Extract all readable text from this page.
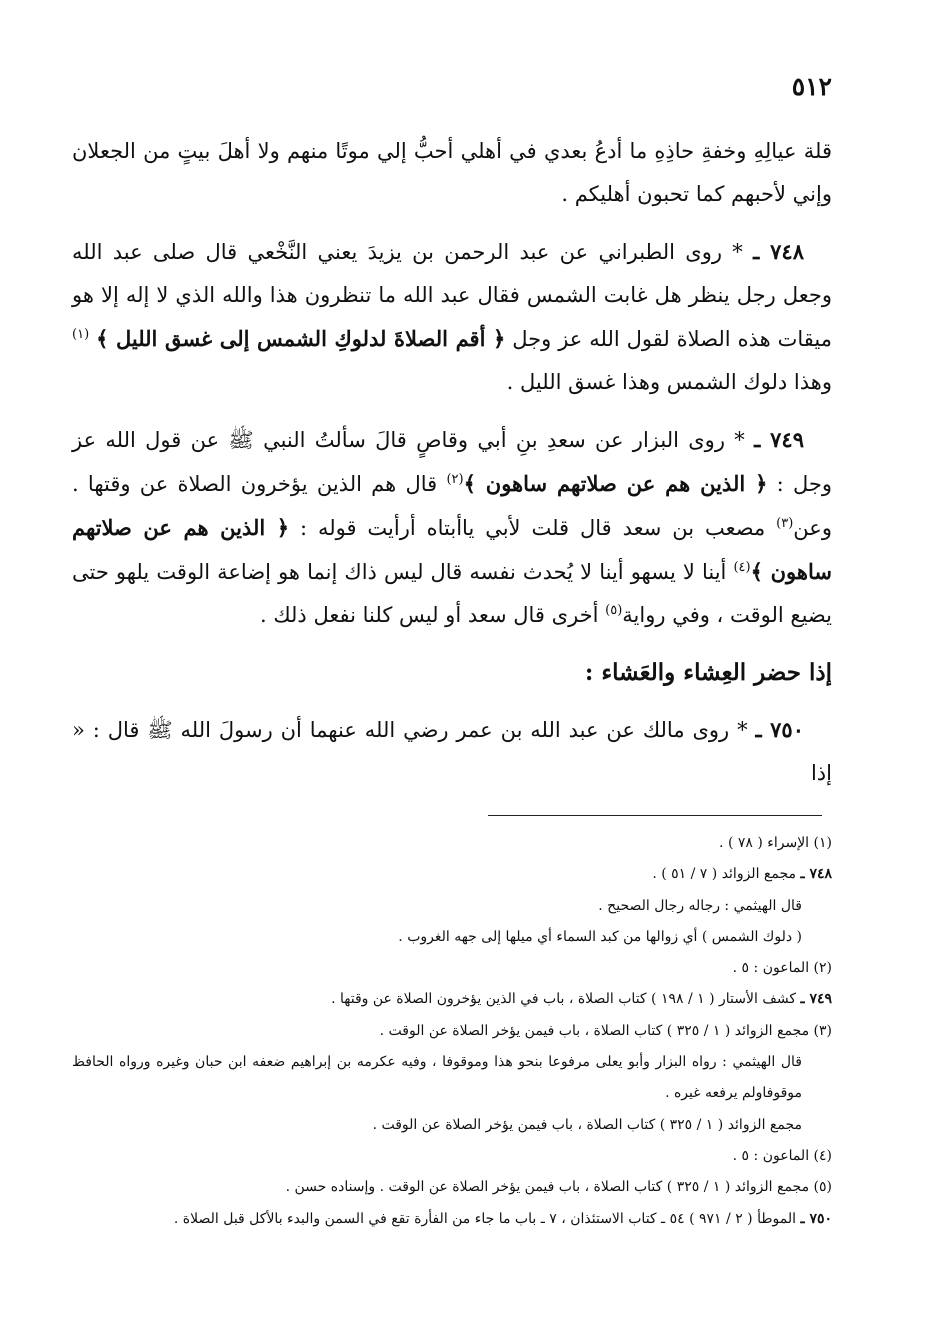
٥١٢

قلة عيالِهِ وخفةِ حاذِهِ ما أدعُ بعدي في أهلي أحبُّ إلي موتًا منهم ولا أهلَ بيتٍ من الجعلان وإني لأحبهم كما تحبون أهليكم .

٧٤٨ ـ * روى الطبراني عن عبد الرحمن بن يزيدَ يعني النَّخْعي قال صلى عبد الله وجعل رجل ينظر هل غابت الشمس فقال عبد الله ما تنظرون هذا والله الذي لا إله إلا هو ميقات هذه الصلاة لقول الله عز وجل ﴿ أقم الصلاةَ لدلوكِ الشمس إلى غسق الليل ﴾ $^{(١)}$ وهذا دلوك الشمس وهذا غسق الليل .

٧٤٩ ـ * روى البزار عن سعدِ بنِ أبي وقاصٍ قالَ سألتُ النبي ﷺ عن قول الله عز وجل : ﴿ الذين هم عن صلاتهم ساهون ﴾$^{(٢)}$ قال هم الذين يؤخرون الصلاة عن وقتها . وعن$^{(٣)}$ مصعب بن سعد قال قلت لأبي ياأبتاه أرأيت قوله : ﴿ الذين هم عن صلاتهم ساهون ﴾$^{(٤)}$ أينا لا يسهو أينا لا يُحدث نفسه قال ليس ذاك إنما هو إضاعة الوقت يلهو حتى يضيع الوقت ، وفي رواية$^{(٥)}$ أخرى قال سعد أو ليس كلنا نفعل ذلك .

إذا حضر العِشاء والعَشاء :

٧٥٠ ـ * روى مالك عن عبد الله بن عمر رضي الله عنهما أن رسولَ الله ﷺ قال : « إذا

(١) الإسراء ( ٧٨ ) .

٧٤٨ ـ مجمع الزوائد ( ٧ / ٥١ ) .

قال الهيثمي : رجاله رجال الصحيح .

( دلوك الشمس ) أي زوالها من كبد السماء أي ميلها إلى جهه الغروب .

(٢) الماعون : ٥ .

٧٤٩ ـ كشف الأستار ( ١ / ١٩٨ ) كتاب الصلاة ، باب في الذين يؤخرون الصلاة عن وقتها .

(٣) مجمع الزوائد ( ١ / ٣٢٥ ) كتاب الصلاة ، باب فيمن يؤخر الصلاة عن الوقت .

قال الهيثمي : رواه البزار وأبو يعلى مرفوعا بنحو هذا وموقوفا ، وفيه عكرمه بن إبراهيم ضعفه ابن حبان وغيره ورواه الحافظ موقوفاولم يرفعه غيره .

مجمع الزوائد ( ١ / ٣٢٥ ) كتاب الصلاة ، باب فيمن يؤخر الصلاة عن الوقت .

(٤) الماعون : ٥ .

(٥) مجمع الزوائد ( ١ / ٣٢٥ ) كتاب الصلاة ، باب فيمن يؤخر الصلاة عن الوقت . وإسناده حسن .

٧٥٠ ـ الموطأ ( ٢ / ٩٧١ ) ٥٤ ـ كتاب الاستئذان ، ٧ ـ باب ما جاء من الفأرة تقع في السمن والبدء بالأكل قبل الصلاة .
